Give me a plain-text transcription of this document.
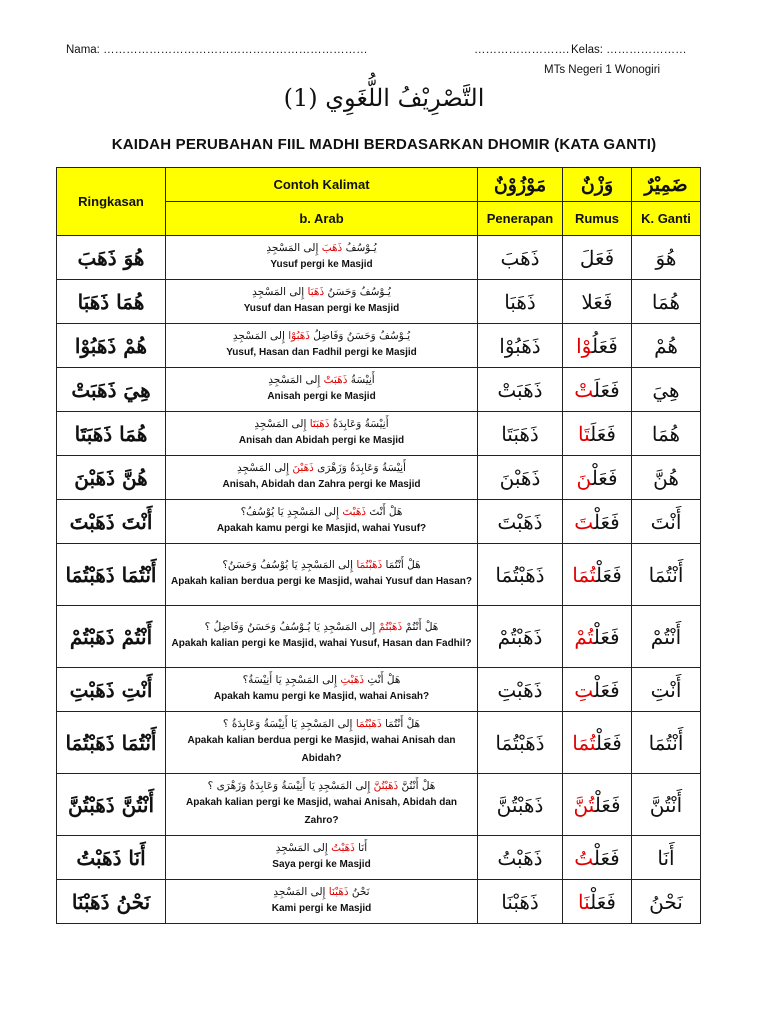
Nama: ……………………………………………………………	……………………. Kelas: …………………
MTs Negeri 1 Wonogiri
التَّصْرِيْفُ اللُّغَوِي (1)
KAIDAH PERUBAHAN FIIL MADHI BERDASARKAN DHOMIR (KATA GANTI)
Ringkasan	Contoh Kalimat	مَوْزُوْنٌ	وَزْنٌ	ضَمِيْرٌ
	b. Arab	Penerapan	Rumus	K. Ganti
هُوَ ذَهَبَ	يُـوْسُفُ ذَهَبَ إِلى المَسْجِدِ
Yusuf pergi ke Masjid	ذَهَبَ	فَعَلَ	هُوَ
هُمَا ذَهَبَا	يُـوْسُفُ وَحَسَنُ ذَهَبَا إِلى المَسْجِدِ
Yusuf dan Hasan pergi ke Masjid	ذَهَبَا	فَعَل	هُمَا
هُمْ ذَهَبُوْا	يُـوْسُفُ وَحَسَنُ وَفَاضِلُ ذَهَبُوْا إِلى المَسْجِدِ
Yusuf, Hasan dan Fadhil pergi ke Masjid	ذَهَبُوْا	فَعَلُوْا	هُمْ
هِيَ ذَهَبَتْ	أَنِيْسَةُ ذَهَبَتْ إِلى المَسْجِدِ
Anisah pergi ke Masjid	ذَهَبَتْ	فَعَلَتْ	هِيَ
هُمَا ذَهَبَتَا	أَنِيْسَةُ وَعَابِدَةُ ذَهَبَتَا إِلى المَسْجِدِ
Anisah dan Abidah pergi ke Masjid	ذَهَبَتَا	فَعَلَتَا	هُمَا
هُنَّ ذَهَبْنَ	أَنِيْسَةُ وَعَابِدَةُ وَزَهْرَى ذَهَبْنَ إِلى المَسْجِدِ
Anisah, Abidah dan Zahra pergi ke Masjid	ذَهَبْنَ	فَعَلْنَ	هُنَّ
أَنْتَ ذَهَبْتَ	هَلْ أَنْتَ ذَهَبْتَ إِلى المَسْجِدِ يَا يُوْسُفُ؟
Apakah kamu pergi ke Masjid, wahai Yusuf?	ذَهَبْتَ	فَعَلْتَ	أَنْتَ
أَنْتُمَا ذَهَبْتُمَا	هَلْ أَنْتُمَا ذَهَبْتُمَا إِلى المَسْجِدِ يَا يُوْسُفُ وَحَسَنُ؟
Apakah kalian berdua pergi ke Masjid, wahai Yusuf dan Hasan?	ذَهَبْتُمَا	فَعَلْتُمَا	أَنْتُمَا
أَنْتُمْ ذَهَبْتُمْ	هَلْ أَنْتُمْ ذَهَبْتُمْ إِلى المَسْجِدِ يَا يُـوْسُفُ وَحَسَنُ وَفَاضِلُ ؟
Apakah kalian pergi ke Masjid, wahai Yusuf, Hasan dan Fadhil?	ذَهَبْتُمْ	فَعَلْتُمْ	أَنْتُمْ
أَنْتِ ذَهَبْتِ	هَلْ أَنْتِ ذَهَبْتِ إِلى المَسْجِدِ يَا أَنِيْسَةُ؟
Apakah kamu pergi ke Masjid, wahai Anisah?	ذَهَبْتِ	فَعَلْتِ	أَنْتِ
أَنْتُمَا ذَهَبْتُمَا	هَلْ أَنْتُمَا ذَهَبْتُمَا إِلى المَسْجِدِ يَا أَنِيْسَةُ وَعَابِدَةُ ؟
Apakah kalian berdua pergi ke Masjid, wahai Anisah dan Abidah?	ذَهَبْتُمَا	فَعَلْتُمَا	أَنْتُمَا
أَنْتُنَّ ذَهَبْتُنَّ	هَلْ أَنْتُنَّ ذَهَبْتُنَّ إِلى المَسْجِدِ يَا أَنِيْسَةُ وَعَابِدَةُ وَزَهْرَى ؟
Apakah kalian pergi ke Masjid, wahai Anisah, Abidah dan Zahro?	ذَهَبْتُنَّ	فَعَلْتُنَّ	أَنْتُنَّ
أَنَا ذَهَبْتُ	أَنَا ذَهَبْتُ إِلى المَسْجِدِ
Saya pergi ke Masjid	ذَهَبْتُ	فَعَلْتُ	أَنَا
نَحْنُ ذَهَبْنَا	نَحْنُ ذَهَبْنَا إِلى المَسْجِدِ
Kami pergi ke Masjid	ذَهَبْنَا	فَعَلْنَا	نَحْنُ
